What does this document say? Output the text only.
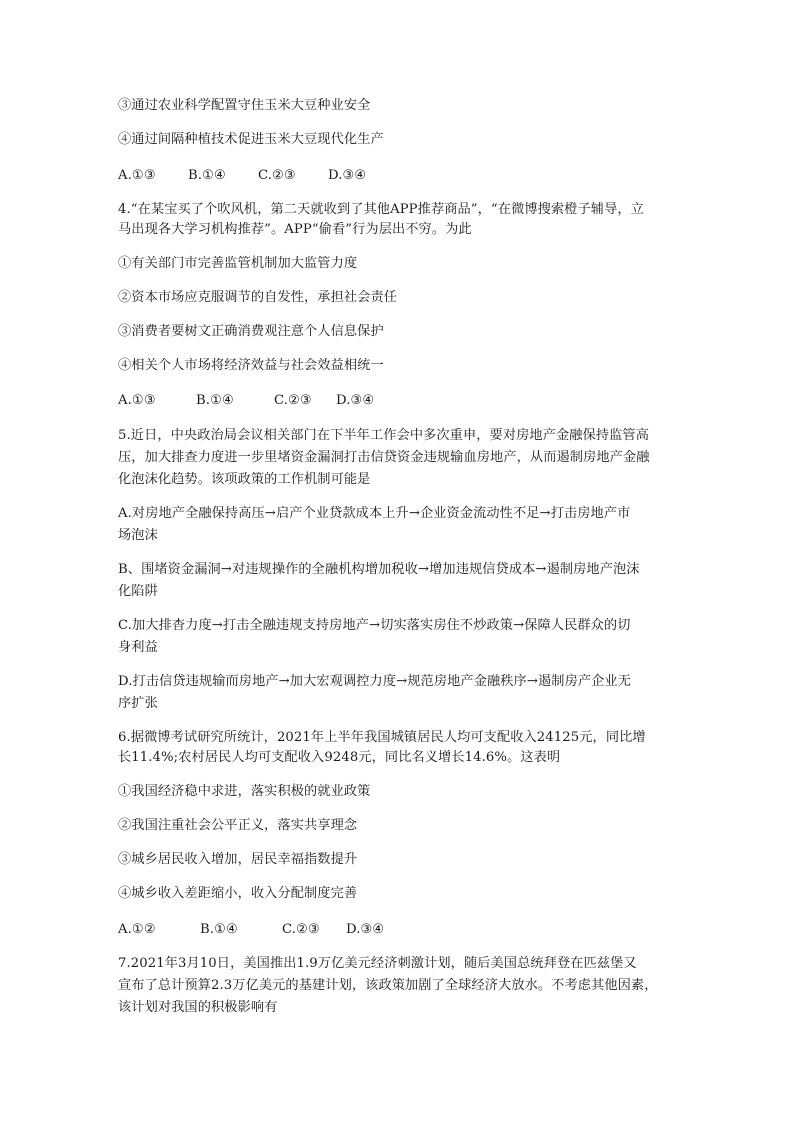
③通过农业科学配置守住玉米大豆种业安全
④通过间隔种植技术促进玉米大豆现代化生产
A.①③ B.①④ C.②③ D.③④
4.“在某宝买了个吹风机，第二天就收到了其他APP推荐商品”，“在微博搜索橙子辅导，立
马出现各大学习机构推荐”。APP“偷看”行为层出不穷。为此
①有关部门市完善监管机制加大监管力度
②资本市场应克服调节的自发性，承担社会责任
③消费者要树文正确消费观注意个人信息保护
④相关个人市场将经济效益与社会效益相统一
A.①③	B.①④	C.②③ D.③④
5.近日，中央政治局会议相关部门在下半年工作会中多次重申，要对房地产金融保持监管高
压，加大排查力度进一步里堵资金漏洞打击信贷资金违规输血房地产，从而遏制房地产金融
化泡沫化趋势。该项政策的工作机制可能是
A.对房地产全融保持高压→启产个业贷款成本上升→企业资金流动性不足→打击房地产市
场泡沫
B、围堵资金漏洞→对违规操作的全融机构增加税收→增加违规信贷成本→遏制房地产泡沫
化陷阱
C.加大排杳力度→打击全融违规支持房地产→切实落实房住不炒政策→保障人民群众的切
身利益
D.打击信贷违规输而房地产→加大宏观调控力度→规范房地产金融秩序→遏制房产企业无
序扩张
6.据微博考试研究所统计，2021年上半年我国城镇居民人均可支配收入24125元，同比增
长11.4%;农村居民人均可支配收入9248元，同比名义增长14.6%。这表明
①我国经济稳中求进，落实积极的就业政策
②我国注重社会公平正义，落实共享理念
③城乡居民收入增加，居民幸福指数提升
④城乡收入差距缩小，收入分配制度完善
A.①②	B.①④	C.②③ D.③④
7.2021年3月10日，美国推出1.9万亿美元经济刺激计划，随后美国总统拜登在匹兹堡又
宣布了总计预算2.3万亿美元的基建计划，该政策加剧了全球经济大放水。不考虑其他因素，
该计划对我国的积极影响有
